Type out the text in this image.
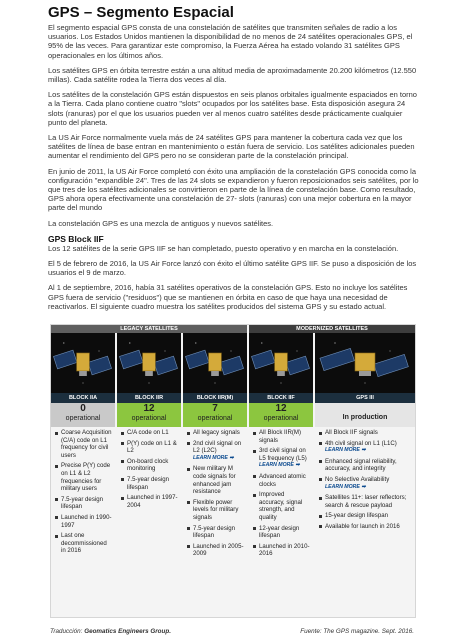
GPS – Segmento Espacial

El segmento espacial GPS consta de una constelación de satélites que transmiten señales de radio a los usuarios. Los Estados Unidos mantienen la disponibilidad de no menos de 24 satélites operacionales GPS, el 95% de las veces. Para garantizar este compromiso, la Fuerza Aérea ha estado volando 31 satélites GPS operacionales en los últimos años.

Los satélites GPS en órbita terrestre están a una altitud media de aproximadamente 20.200 kilómetros (12.550 millas). Cada satélite rodea la Tierra dos veces al día.

Los satélites de la constelación GPS están dispuestos en seis planos orbitales igualmente espaciados en torno a la Tierra. Cada plano contiene cuatro "slots" ocupados por los satélites base. Esta disposición asegura 24 slots (ranuras) por el que los usuarios pueden ver al menos cuatro satélites desde prácticamente cualquier punto del planeta.

La US Air Force normalmente vuela más de 24 satélites GPS para mantener la cobertura cada vez que los satélites de línea de base entran en mantenimiento o están fuera de servicio. Los satélites adicionales pueden aumentar el rendimiento del GPS pero no se consideran parte de la constelación principal.

En junio de 2011, la US Air Force completó con éxito una ampliación de la constelación GPS conocida como la configuración "expandible 24". Tres de las 24 slots se expandieron y fueron reposicionados seis satélites, por lo que tres de los satélites adicionales se convirtieron en parte de la línea de constelación base. Como resultado, GPS ahora opera efectivamente una constelación de 27- slots (ranuras) con una mejor cobertura en la mayor parte del mundo

La constelación GPS es una mezcla de antiguos y nuevos satélites.

GPS Block IIF

Los 12 satélites de la serie GPS IIF se han completado, puesto operativo y en marcha en la constelación.

El 5 de febrero de 2016, la US Air Force lanzó con éxito el último satélite GPS IIF. Se puso a disposición de los usuarios el 9 de marzo.

Al 1 de septiembre, 2016, había 31 satélites operativos de la constelación GPS. Esto no incluye los satélites GPS fuera de servicio ("residuos") que se mantienen en órbita en caso de que haya una necesidad de reactivarlos. El siguiente cuadro muestra los satélites producidos del sistema GPS y su estado actual.

LEGACY SATELLITES	MODERNIZED SATELLITES
BLOCK IIA
0
operational
Coarse Acquisition (C/A) code on L1 frequency for civil users
Precise P(Y) code on L1 & L2 frequencies for military users
7.5-year design lifespan
Launched in 1990-1997
Last one decommissioned in 2016
BLOCK IIR
12
operational
C/A code on L1
P(Y) code on L1 & L2
On-board clock monitoring
7.5-year design lifespan
Launched in 1997-2004
BLOCK IIR(M)
7
operational
All legacy signals
2nd civil signal on L2 (L2C)
LEARN MORE ➡
New military M code signals for enhanced jam resistance
Flexible power levels for military signals
7.5-year design lifespan
Launched in 2005-2009
BLOCK IIF
12
operational
All Block IIR(M) signals
3rd civil signal on L5 frequency (L5)
LEARN MORE ➡
Advanced atomic clocks
Improved accuracy, signal strength, and quality
12-year design lifespan
Launched in 2010-2016
GPS III
In production
All Block IIF signals
4th civil signal on L1 (L1C)
LEARN MORE ➡
Enhanced signal reliability, accuracy, and integrity
No Selective Availability
LEARN MORE ➡
Satellites 11+: laser reflectors; search & rescue payload
15-year design lifespan
Available for launch in 2016
Traducción: Geomatics Engineers Group.	Fuente: The GPS magazine. Sept. 2016.
